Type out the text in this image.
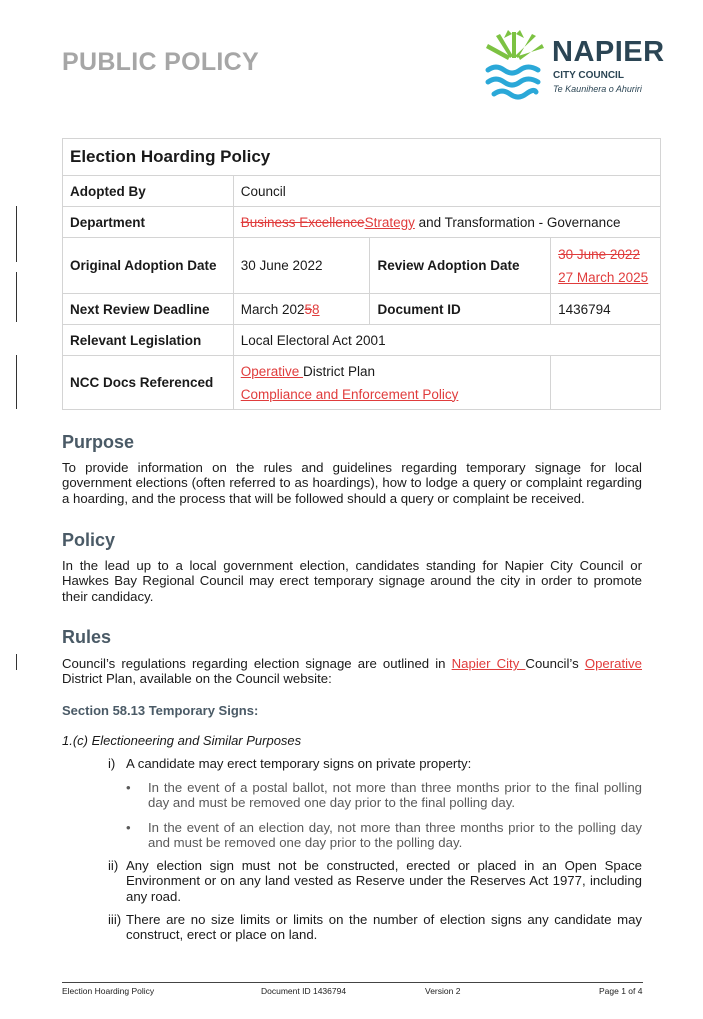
PUBLIC POLICY	NAPIER
CITY COUNCIL
Te Kaunihera o Ahuriri
Election Hoarding Policy			
Adopted By	Council		
Department	Business ExcellenceStrategy and Transformation - Governance		
Original Adoption Date	30 June 2022	Review Adoption Date	30 June 2022
27 March 2025

Next Review Deadline	March 20258	Document ID	1436794
Relevant Legislation	Local Electoral Act 2001		
NCC Docs Referenced	Operative District Plan
Compliance and Enforcement Policy		

Purpose
To provide information on the rules and guidelines regarding temporary signage for local government elections (often referred to as hoardings), how to lodge a query or complaint regarding a hoarding, and the process that will be followed should a query or complaint be received.
Policy
In the lead up to a local government election, candidates standing for Napier City Council or Hawkes Bay Regional Council may erect temporary signage around the city in order to promote their candidacy.
Rules
Council’s regulations regarding election signage are outlined in Napier City Council’s Operative District Plan, available on the Council website:
Section 58.13 Temporary Signs:
1.(c) Electioneering and Similar Purposes
i) A candidate may erect temporary signs on private property:
• In the event of a postal ballot, not more than three months prior to the final polling day and must be removed one day prior to the final polling day.
• In the event of an election day, not more than three months prior to the polling day and must be removed one day prior to the polling day.
ii) Any election sign must not be constructed, erected or placed in an Open Space Environment or on any land vested as Reserve under the Reserves Act 1977, including any road.
iii) There are no size limits or limits on the number of election signs any candidate may construct, erect or place on land.
Election Hoarding Policy	Document ID 1436794	Version 2	Page 1 of 4
